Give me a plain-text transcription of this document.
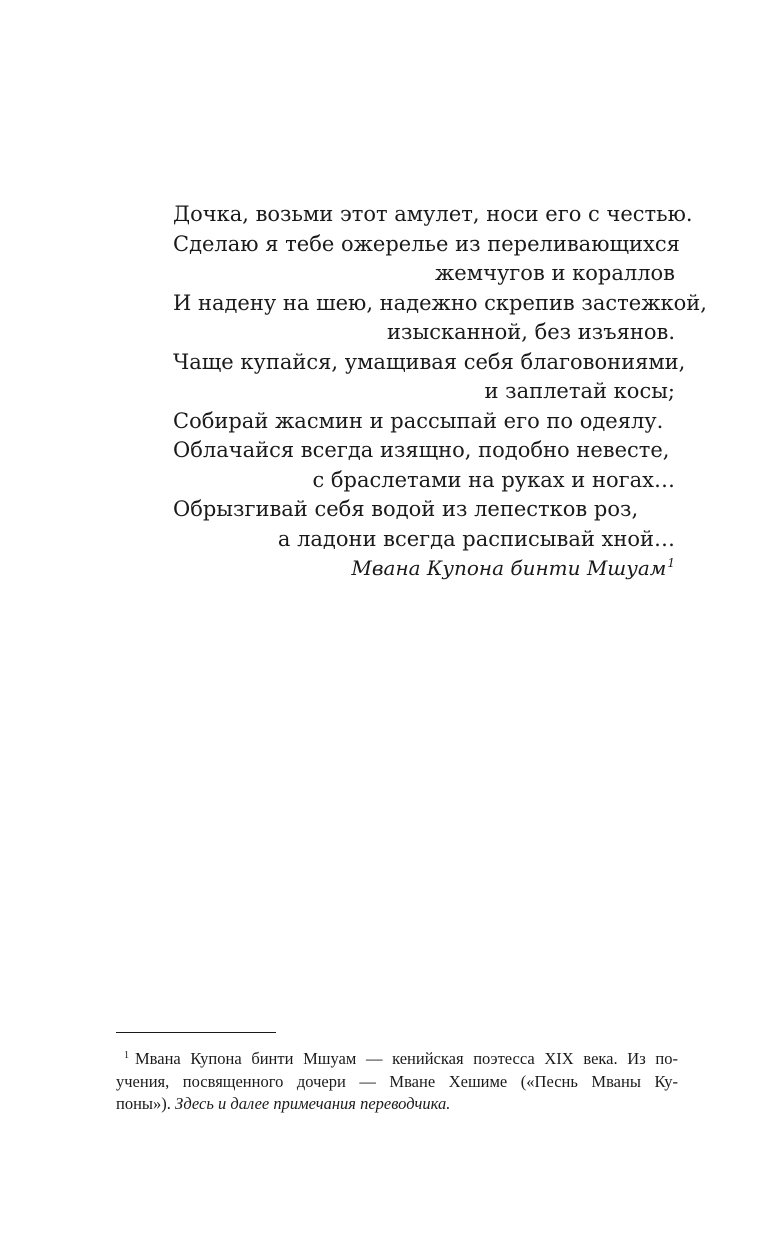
Дочка, возьми этот амулет, носи его с честью.
Сделаю я тебе ожерелье из переливающихся
жемчугов и кораллов
И надену на шею, надежно скрепив застежкой,
изысканной, без изъянов.
Чаще купайся, умащивая себя благовониями,
и заплетай косы;
Собирай жасмин и рассыпай его по одеялу.
Облачайся всегда изящно, подобно невесте,
с браслетами на руках и ногах…
Обрызгивай себя водой из лепестков роз,
а ладони всегда расписывай хной…
Мвана Купона бинти Мшуам$^1$
$^1$ Мвана Купона бинти Мшуам — кенийская поэтесса XIX века. Из по-
учения, посвященного дочери — Мване Хешиме («Песнь Мваны Ку-
поны»). Здесь и далее примечания переводчика.
